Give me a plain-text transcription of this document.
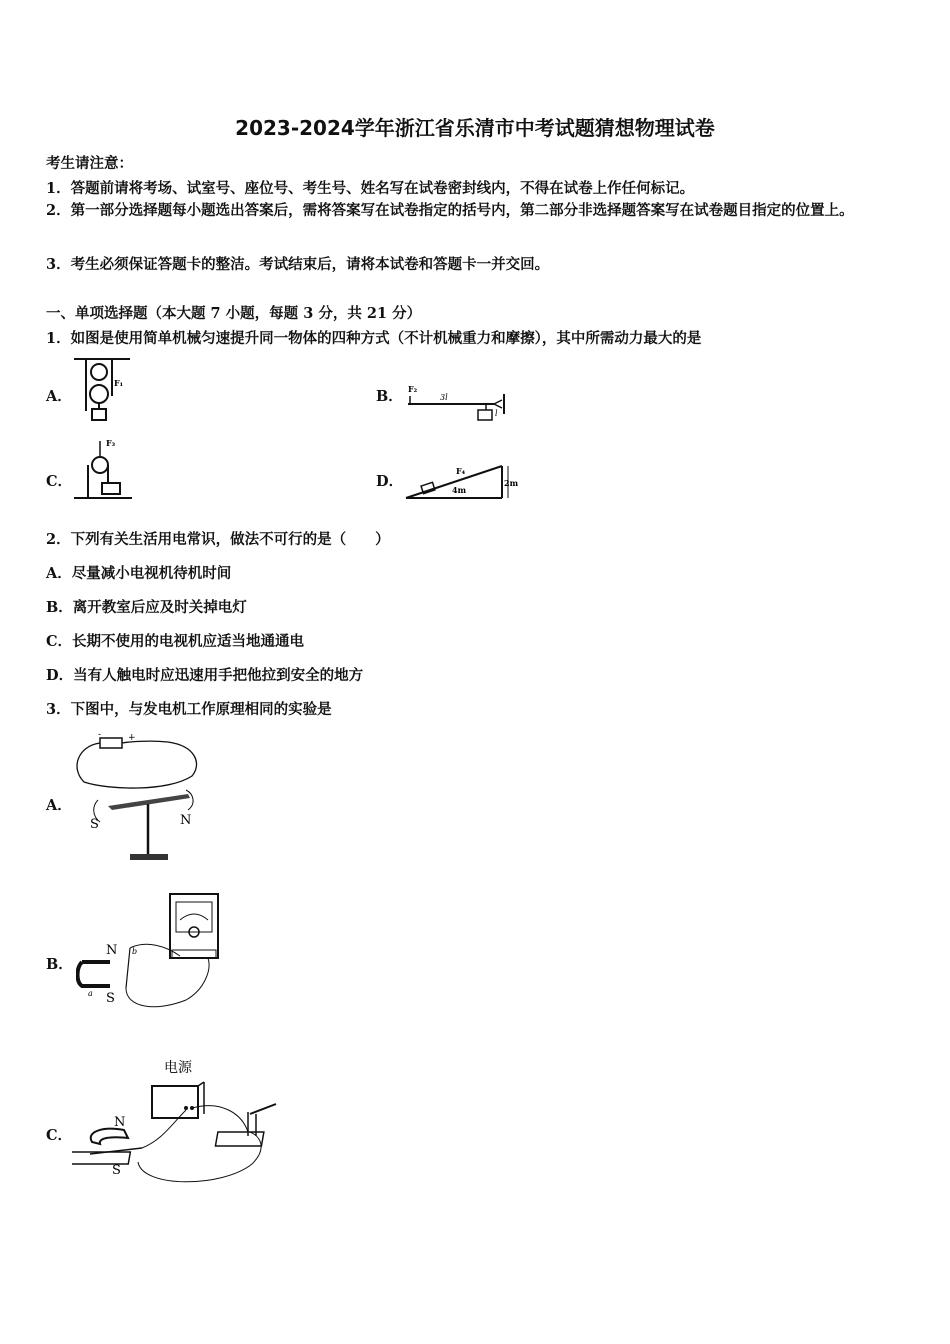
2023-2024学年浙江省乐清市中考试题猜想物理试卷
考生请注意：
1．答题前请将考场、试室号、座位号、考生号、姓名写在试卷密封线内，不得在试卷上作任何标记。
2．第一部分选择题每小题选出答案后，需将答案写在试卷指定的括号内，第二部分非选择题答案写在试卷题目指定的位置上。
3．考生必须保证答题卡的整洁。考试结束后，请将本试卷和答题卡一并交回。
一、单项选择题（本大题 7 小题，每题 3 分，共 21 分）
1．如图是使用简单机械匀速提升同一物体的四种方式（不计机械重力和摩擦），其中所需动力最大的是
A．
F₁
B． F₂
3l
l
C．
F₃
D．
F₄
4m
2m
2．下列有关生活用电常识，做法不可行的是（　　）
A．尽量减小电视机待机时间
B．离开教室后应及时关掉电灯
C．长期不使用的电视机应适当地通通电
D．当有人触电时应迅速用手把他拉到安全的地方
3．下图中，与发电机工作原理相同的实验是
A．
-	+
S	N
B．
N
S
a
b
C．
电源
N
S
